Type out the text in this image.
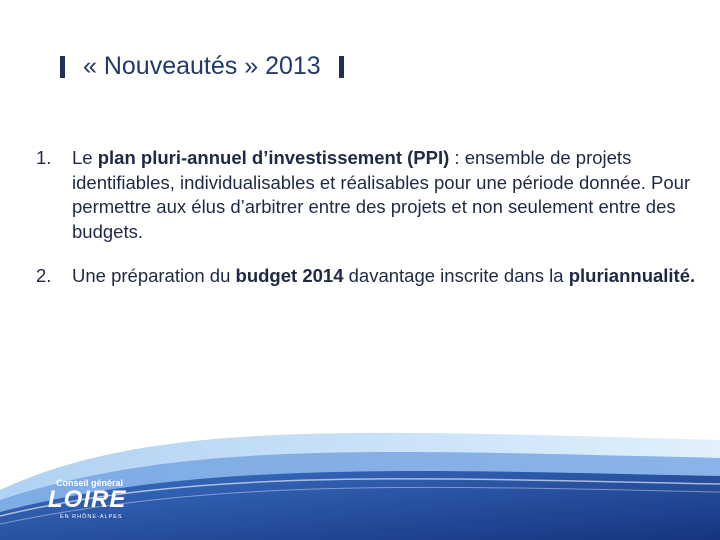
« Nouveautés » 2013
1.	Le plan pluri-annuel d’investissement (PPI) : ensemble de projets identifiables, individualisables et réalisables pour une période donnée. Pour permettre aux élus d’arbitrer entre des projets et non seulement entre des budgets.
2.	Une préparation du budget 2014 davantage inscrite dans la pluriannualité.
Conseil général
LOIRE
EN RHÔNE-ALPES
